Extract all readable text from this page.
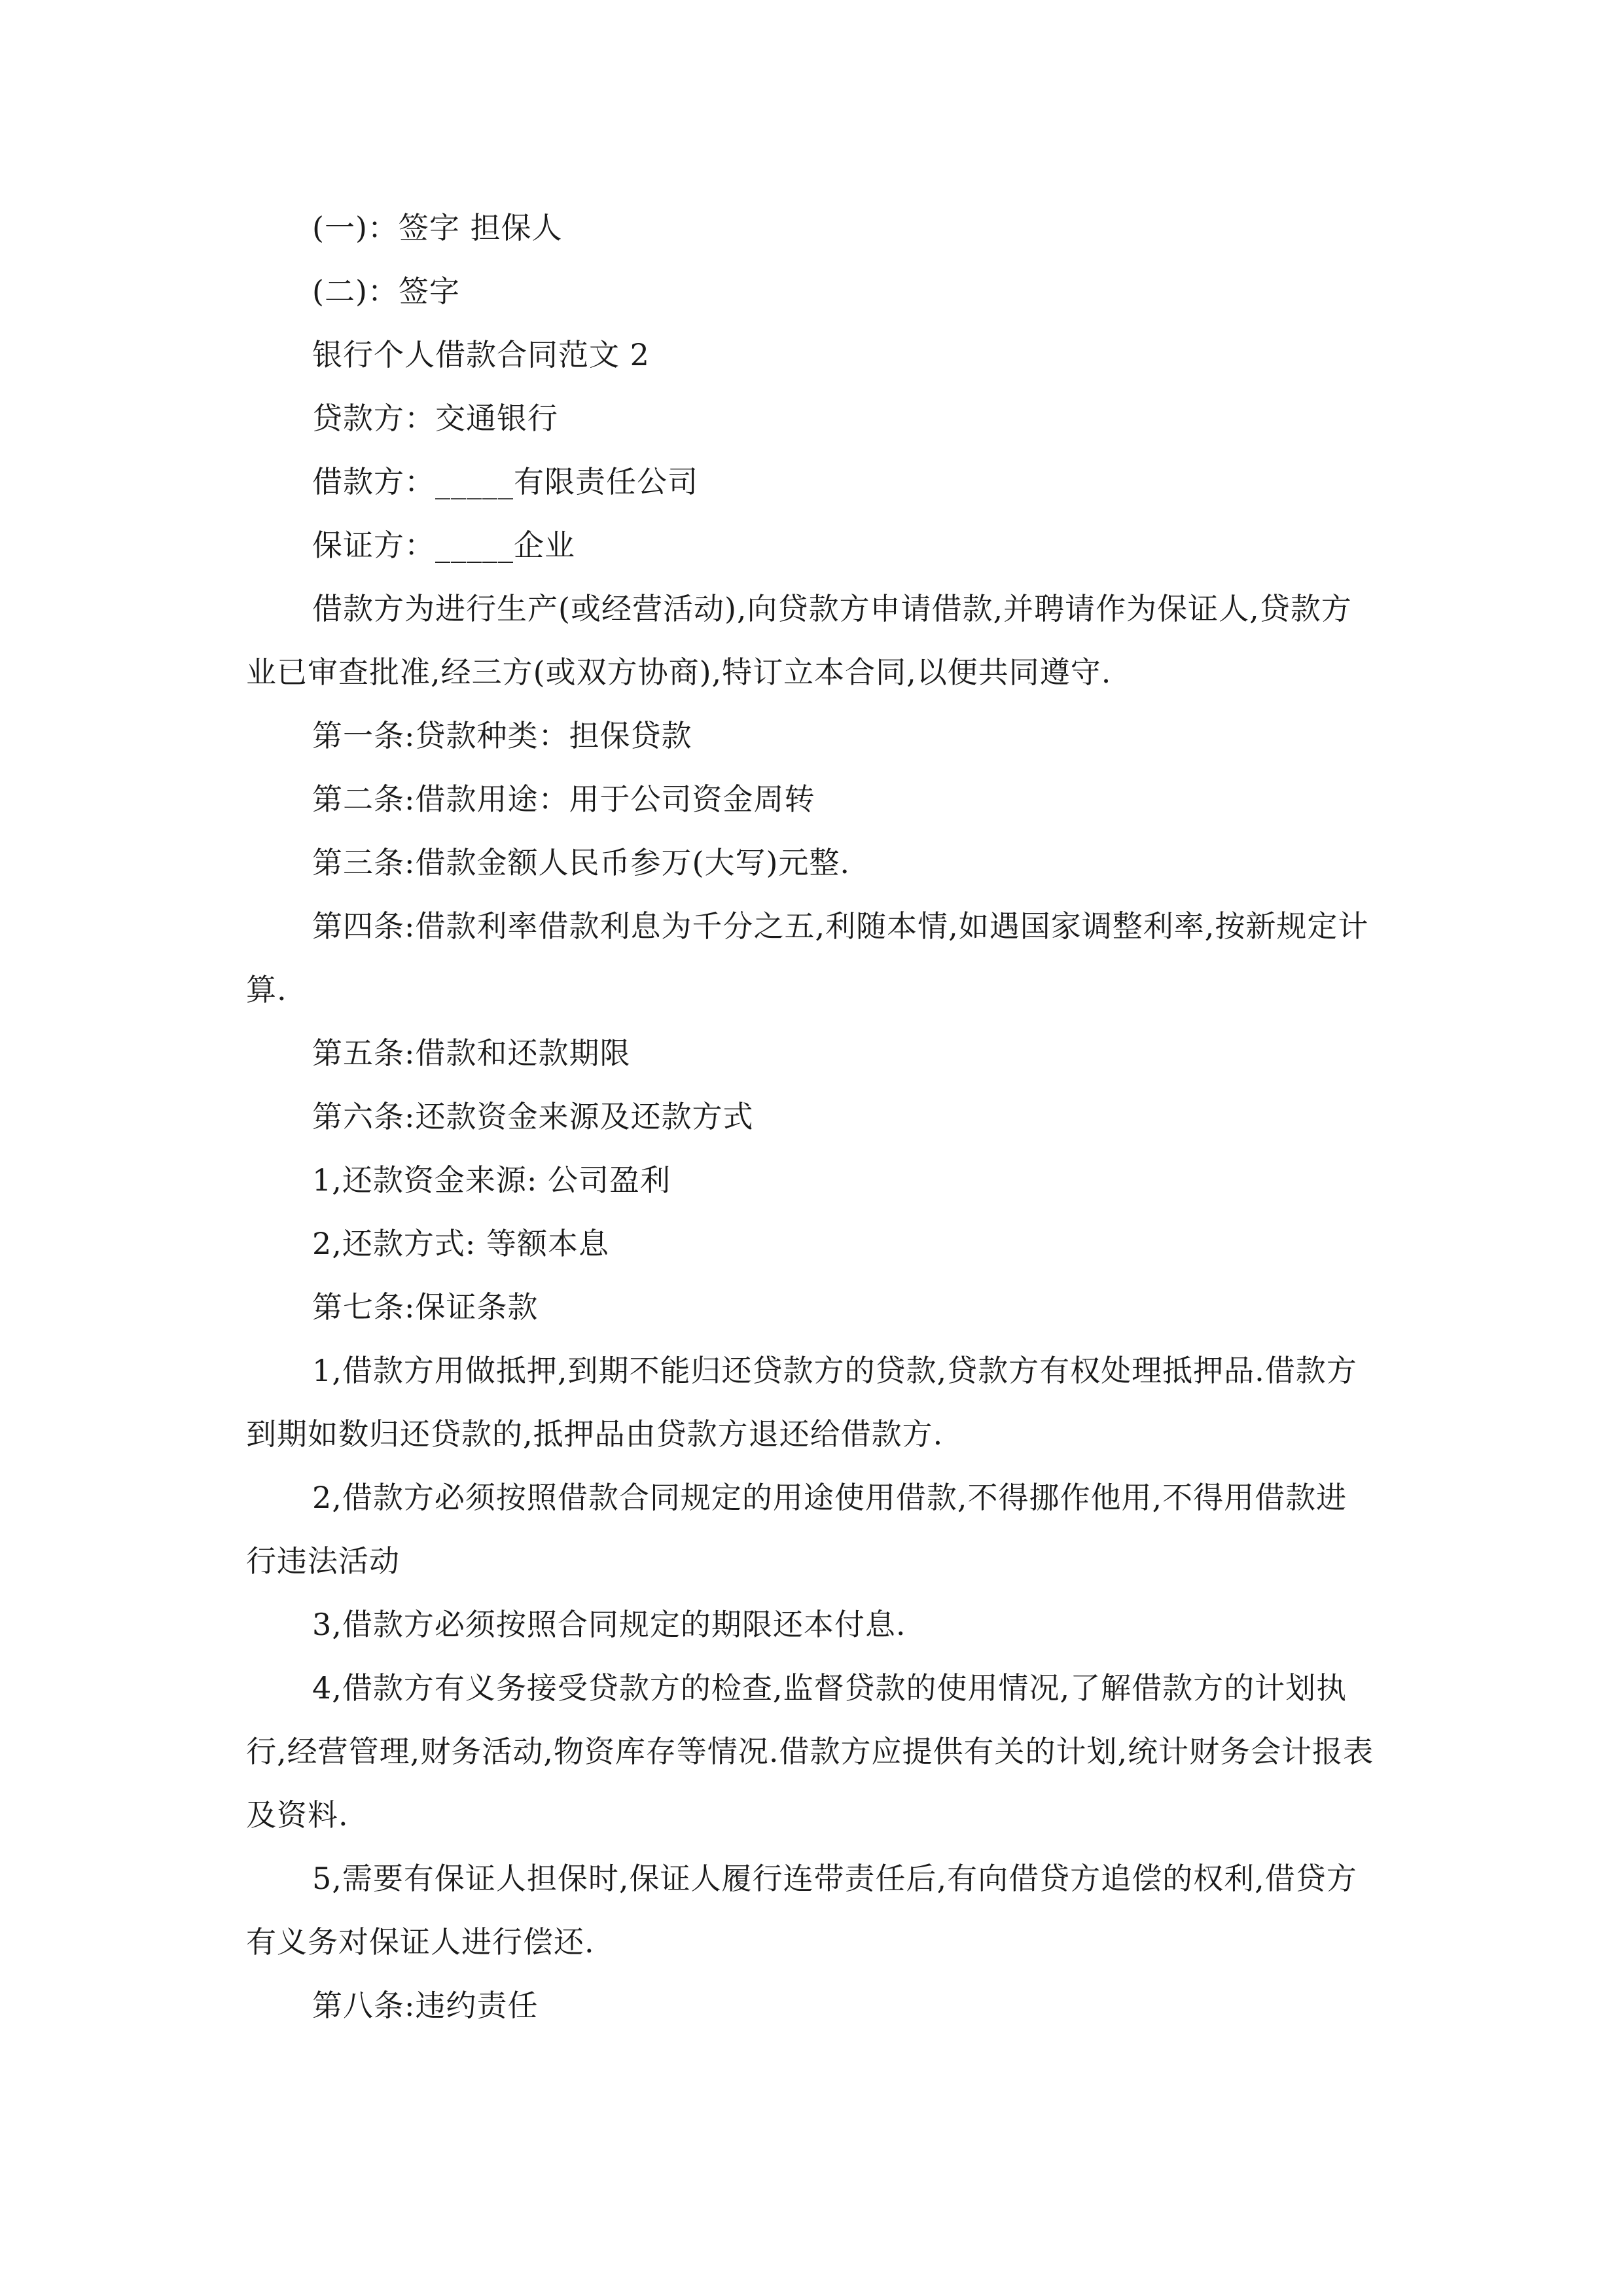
(一)：签字 担保人

(二)：签字

银行个人借款合同范文 2

贷款方：交通银行

借款方：_____有限责任公司

保证方：_____企业

借款方为进行生产(或经营活动),向贷款方申请借款,并聘请作为保证人,贷款方业已审查批准,经三方(或双方协商),特订立本合同,以便共同遵守.

第一条:贷款种类：担保贷款

第二条:借款用途：用于公司资金周转

第三条:借款金额人民币参万(大写)元整.

第四条:借款利率借款利息为千分之五,利随本情,如遇国家调整利率,按新规定计算.

第五条:借款和还款期限

第六条:还款资金来源及还款方式

1,还款资金来源: 公司盈利

2,还款方式: 等额本息

第七条:保证条款

1,借款方用做抵押,到期不能归还贷款方的贷款,贷款方有权处理抵押品.借款方到期如数归还贷款的,抵押品由贷款方退还给借款方.

2,借款方必须按照借款合同规定的用途使用借款,不得挪作他用,不得用借款进行违法活动

3,借款方必须按照合同规定的期限还本付息.

4,借款方有义务接受贷款方的检查,监督贷款的使用情况,了解借款方的计划执行,经营管理,财务活动,物资库存等情况.借款方应提供有关的计划,统计财务会计报表及资料.

5,需要有保证人担保时,保证人履行连带责任后,有向借贷方追偿的权利,借贷方有义务对保证人进行偿还.

第八条:违约责任
